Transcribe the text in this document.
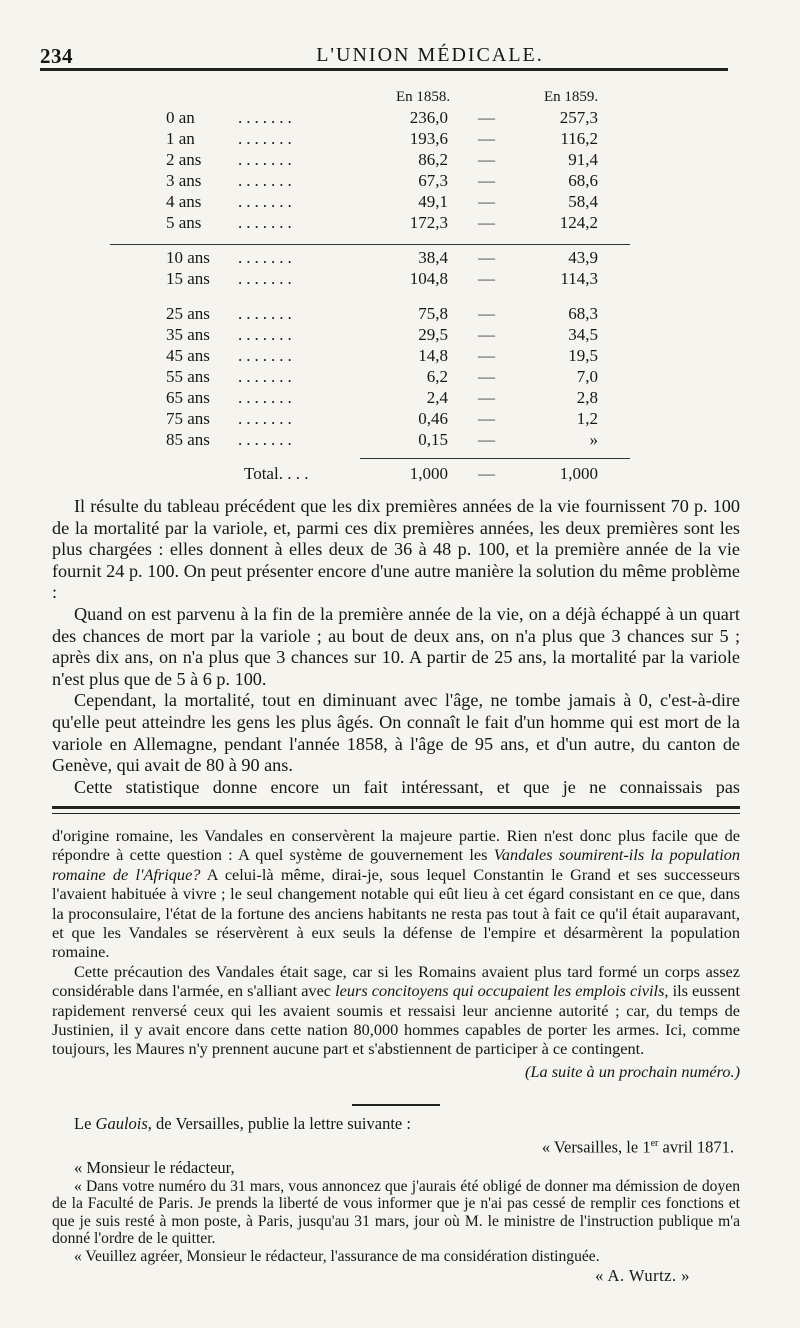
234	L'UNION MÉDICALE.
En 1858.	En 1859.
0 an	.......	236,0 —	257,3
1 an	.......	193,6 —	116,2
2 ans .......	86,2 —	91,4
3 ans .......	67,3 —	68,6
4 ans .......	49,1 —	58,4
5 ans .......	172,3 —	124,2
10 ans .......	38,4 —	43,9
15 ans .......	104,8 —	114,3
25 ans .......	75,8 —	68,3
35 ans .......	29,5 —	34,5
45 ans .......	14,8 —	19,5
55 ans .......	6,2 —	7,0
65 ans .......	2,4 —	2,8
75 ans .......	0,46 —	1,2
85 ans .......	0,15 —	»
Total. . . .	1,000 —	1,000

Il résulte du tableau précédent que les dix premières années de la vie fournissent 70 p. 100 de la mortalité par la variole, et, parmi ces dix premières années, les deux premières sont les plus chargées : elles donnent à elles deux de 36 à 48 p. 100, et la première année de la vie fournit 24 p. 100. On peut présenter encore d'une autre manière la solution du même problème :

Quand on est parvenu à la fin de la première année de la vie, on a déjà échappé à un quart des chances de mort par la variole ; au bout de deux ans, on n'a plus que 3 chances sur 5 ; après dix ans, on n'a plus que 3 chances sur 10. A partir de 25 ans, la mortalité par la variole n'est plus que de 5 à 6 p. 100.

Cependant, la mortalité, tout en diminuant avec l'âge, ne tombe jamais à 0, c'est-à-dire qu'elle peut atteindre les gens les plus âgés. On connaît le fait d'un homme qui est mort de la variole en Allemagne, pendant l'année 1858, à l'âge de 95 ans, et d'un autre, du canton de Genève, qui avait de 80 à 90 ans.

Cette statistique donne encore un fait intéressant, et que je ne connaissais pas

d'origine romaine, les Vandales en conservèrent la majeure partie. Rien n'est donc plus facile que de répondre à cette question : A quel système de gouvernement les Vandales soumirent-ils la population romaine de l'Afrique? A celui-là même, dirai-je, sous lequel Constantin le Grand et ses successeurs l'avaient habituée à vivre ; le seul changement notable qui eût lieu à cet égard consistant en ce que, dans la proconsulaire, l'état de la fortune des anciens habitants ne resta pas tout à fait ce qu'il était auparavant, et que les Vandales se réservèrent à eux seuls la défense de l'empire et désarmèrent la population romaine.

Cette précaution des Vandales était sage, car si les Romains avaient plus tard formé un corps assez considérable dans l'armée, en s'alliant avec leurs concitoyens qui occupaient les emplois civils, ils eussent rapidement renversé ceux qui les avaient soumis et ressaisi leur ancienne autorité ; car, du temps de Justinien, il y avait encore dans cette nation 80,000 hommes capables de porter les armes. Ici, comme toujours, les Maures n'y prennent aucune part et s'abstiennent de participer à ce contingent.

(La suite à un prochain numéro.)

Le Gaulois, de Versailles, publie la lettre suivante :

« Versailles, le 1er avril 1871.

« Monsieur le rédacteur,

« Dans votre numéro du 31 mars, vous annoncez que j'aurais été obligé de donner ma démission de doyen de la Faculté de Paris. Je prends la liberté de vous informer que je n'ai pas cessé de remplir ces fonctions et que je suis resté à mon poste, à Paris, jusqu'au 31 mars, jour où M. le ministre de l'instruction publique m'a donné l'ordre de le quitter.

« Veuillez agréer, Monsieur le rédacteur, l'assurance de ma considération distinguée.

« A. Wurtz. »
